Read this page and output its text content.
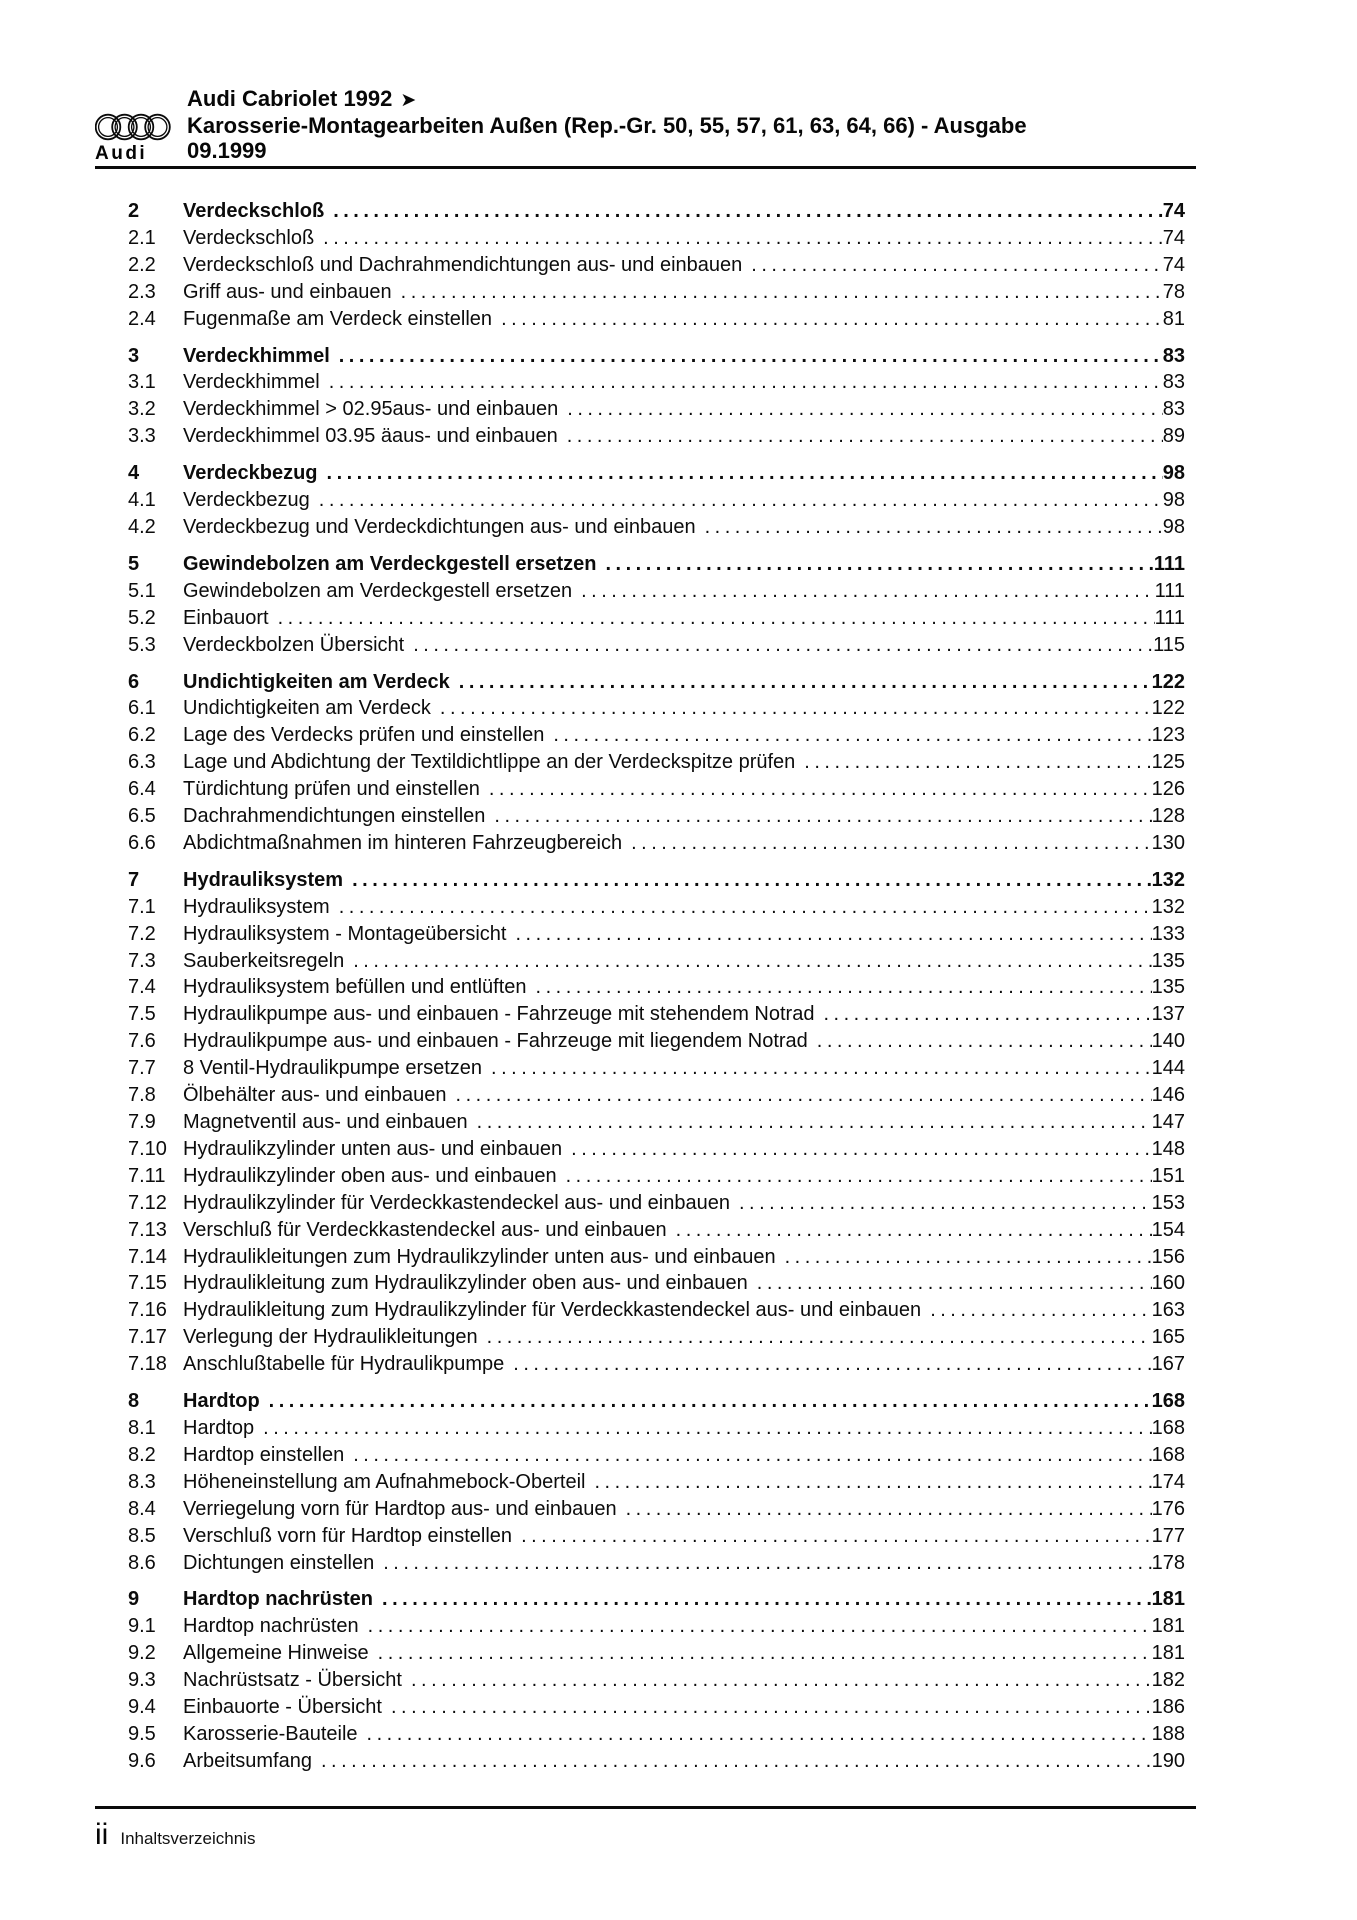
Audi
Audi Cabriolet 1992 ➤
Karosserie-Montagearbeiten Außen (Rep.-Gr. 50, 55, 57, 61, 63, 64, 66) - Ausgabe
09.1999
2	Verdeckschloß .....	74
2.1	Verdeckschloß .....	74
2.2	Verdeckschloß und Dachrahmendichtungen aus- und einbauen .....	74
2.3	Griff aus- und einbauen .....	78
2.4	Fugenmaße am Verdeck einstellen .....	81
3	Verdeckhimmel .....	83
3.1	Verdeckhimmel .....	83
3.2	Verdeckhimmel > 02.95aus- und einbauen .....	83
3.3	Verdeckhimmel 03.95 äaus- und einbauen .....	89
4	Verdeckbezug .....	98
4.1	Verdeckbezug .....	98
4.2	Verdeckbezug und Verdeckdichtungen aus- und einbauen .....	98
5	Gewindebolzen am Verdeckgestell ersetzen .....	111
5.1	Gewindebolzen am Verdeckgestell ersetzen .....	111
5.2	Einbauort .....	111
5.3	Verdeckbolzen Übersicht .....	115
6	Undichtigkeiten am Verdeck .....	122
6.1	Undichtigkeiten am Verdeck .....	122
6.2	Lage des Verdecks prüfen und einstellen .....	123
6.3	Lage und Abdichtung der Textildichtlippe an der Verdeckspitze prüfen .....	125
6.4	Türdichtung prüfen und einstellen .....	126
6.5	Dachrahmendichtungen einstellen .....	128
6.6	Abdichtmaßnahmen im hinteren Fahrzeugbereich .....	130
7	Hydrauliksystem .....	132
7.1	Hydrauliksystem .....	132
7.2	Hydrauliksystem - Montageübersicht .....	133
7.3	Sauberkeitsregeln .....	135
7.4	Hydrauliksystem befüllen und entlüften .....	135
7.5	Hydraulikpumpe aus- und einbauen - Fahrzeuge mit stehendem Notrad .....	137
7.6	Hydraulikpumpe aus- und einbauen - Fahrzeuge mit liegendem Notrad .....	140
7.7	8 Ventil-Hydraulikpumpe ersetzen .....	144
7.8	Ölbehälter aus- und einbauen .....	146
7.9	Magnetventil aus- und einbauen .....	147
7.10 Hydraulikzylinder unten aus- und einbauen .....	148
7.11 Hydraulikzylinder oben aus- und einbauen .....	151
7.12 Hydraulikzylinder für Verdeckkastendeckel aus- und einbauen .....	153
7.13 Verschluß für Verdeckkastendeckel aus- und einbauen .....	154
7.14 Hydraulikleitungen zum Hydraulikzylinder unten aus- und einbauen .....	156
7.15 Hydraulikleitung zum Hydraulikzylinder oben aus- und einbauen .....	160
7.16 Hydraulikleitung zum Hydraulikzylinder für Verdeckkastendeckel aus- und einbauen .....	163
7.17 Verlegung der Hydraulikleitungen .....	165
7.18 Anschlußtabelle für Hydraulikpumpe .....	167
8	Hardtop .....	168
8.1	Hardtop .....	168
8.2	Hardtop einstellen .....	168
8.3	Höheneinstellung am Aufnahmebock-Oberteil .....	174
8.4	Verriegelung vorn für Hardtop aus- und einbauen .....	176
8.5	Verschluß vorn für Hardtop einstellen .....	177
8.6	Dichtungen einstellen .....	178
9	Hardtop nachrüsten .....	181
9.1	Hardtop nachrüsten .....	181
9.2	Allgemeine Hinweise .....	181
9.3	Nachrüstsatz - Übersicht .....	182
9.4	Einbauorte - Übersicht .....	186
9.5	Karosserie-Bauteile .....	188
9.6	Arbeitsumfang .....	190
ii Inhaltsverzeichnis
